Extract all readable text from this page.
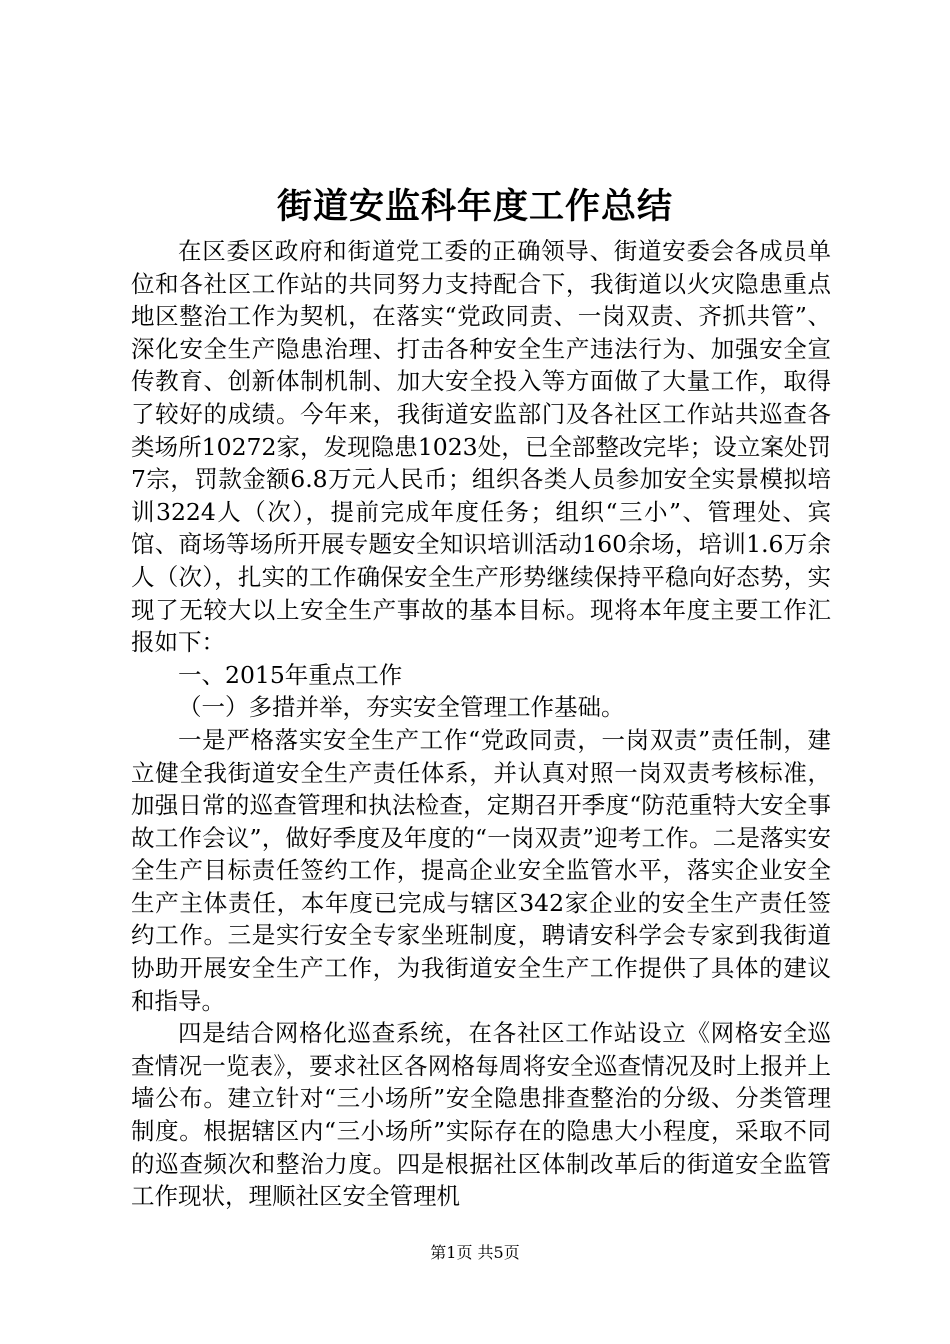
街道安监科年度工作总结

在区委区政府和街道党工委的正确领导、街道安委会各成员单位和各社区工作站的共同努力支持配合下，我街道以火灾隐患重点地区整治工作为契机，在落实“党政同责、一岗双责、齐抓共管”、深化安全生产隐患治理、打击各种安全生产违法行为、加强安全宣传教育、创新体制机制、加大安全投入等方面做了大量工作，取得了较好的成绩。今年来，我街道安监部门及各社区工作站共巡查各类场所10272家，发现隐患1023处，已全部整改完毕；设立案处罚7宗，罚款金额6.8万元人民币；组织各类人员参加安全实景模拟培训3224人（次），提前完成年度任务；组织“三小”、管理处、宾馆、商场等场所开展专题安全知识培训活动160余场，培训1.6万余人（次），扎实的工作确保安全生产形势继续保持平稳向好态势，实现了无较大以上安全生产事故的基本目标。现将本年度主要工作汇报如下：

一、2015年重点工作

（一）多措并举，夯实安全管理工作基础。

一是严格落实安全生产工作“党政同责，一岗双责”责任制，建立健全我街道安全生产责任体系，并认真对照一岗双责考核标准，加强日常的巡查管理和执法检查，定期召开季度“防范重特大安全事故工作会议”，做好季度及年度的“一岗双责”迎考工作。二是落实安全生产目标责任签约工作，提高企业安全监管水平，落实企业安全生产主体责任，本年度已完成与辖区342家企业的安全生产责任签约工作。三是实行安全专家坐班制度，聘请安科学会专家到我街道协助开展安全生产工作，为我街道安全生产工作提供了具体的建议和指导。

四是结合网格化巡查系统，在各社区工作站设立《网格安全巡查情况一览表》，要求社区各网格每周将安全巡查情况及时上报并上墙公布。建立针对“三小场所”安全隐患排查整治的分级、分类管理制度。根据辖区内“三小场所”实际存在的隐患大小程度，采取不同的巡查频次和整治力度。四是根据社区体制改革后的街道安全监管工作现状，理顺社区安全管理机

第1页 共5页
